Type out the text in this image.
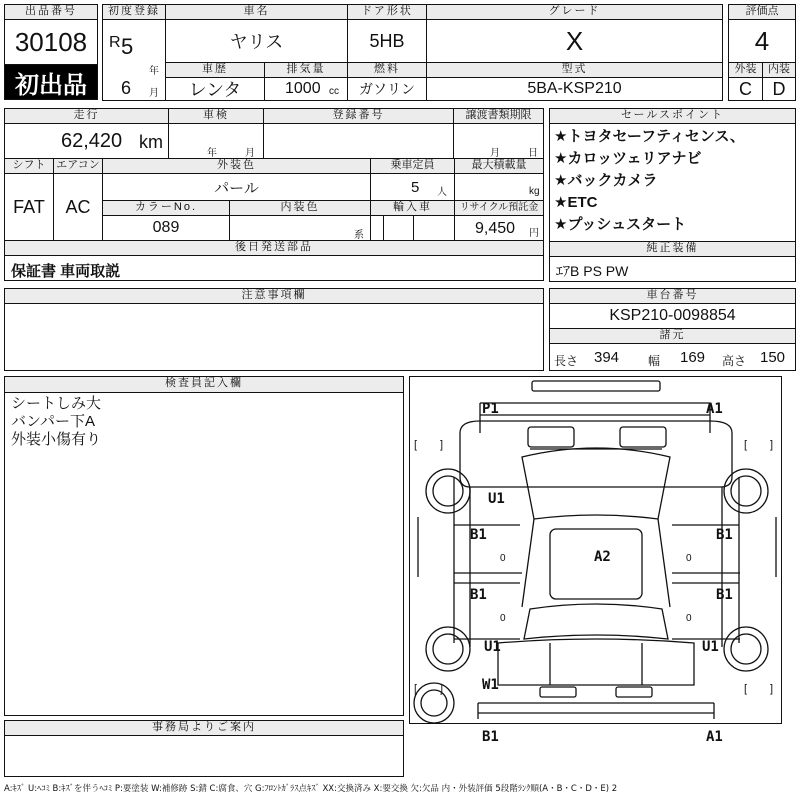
出品番号
30108
初出品
初度登録
R 5
年
6 月
車名
ヤリス
ドア形状
5HB
グレード
X
評価点
4
車歴
レンタ
排気量
1000 cc
燃料
ガソリン
型式
5BA-KSP210
外装	内装
C	D
走行
62,420 km
車検
年	月
登録番号	譲渡書類期限
月	日
シフト
FAT
エアコン
AC
外装色
パール
乗車定員
5 人
最大積載量
kg
カラーNo.
089
内装色
系
輸入車	リサイクル預託金
9,450 円
後日発送部品
保証書 車両取説
セールスポイント
★トヨタセーフティセンス、
★カロッツェリアナビ
★バックカメラ
★ETC
★プッシュスタート
純正装備
ｴｱB PS PW
注意事項欄	車台番号
KSP210-0098854
諸元
長さ 394 幅 169 高さ 150
検査員記入欄
シートしみ大
バンパー下A
外装小傷有り
事務局よりご案内
P1	A1
U1
B1	B1
A2
B1	B1
U1	U1
W1
B1	A1
0	0
0	0
[ ]	[ ]
[ ]	[ ]
A:ｷｽﾞ U:ﾍｺﾐ B:ｷｽﾞを伴うﾍｺﾐ P:要塗装 W:補修跡 S:錆 C:腐食、穴 G:ﾌﾛﾝﾄｶﾞﾗｽ点ｷｽﾞ XX:交換済み X:要交換 欠:欠品 内・外装評価 5段階ﾗﾝｸ順(A・B・C・D・E) 2
